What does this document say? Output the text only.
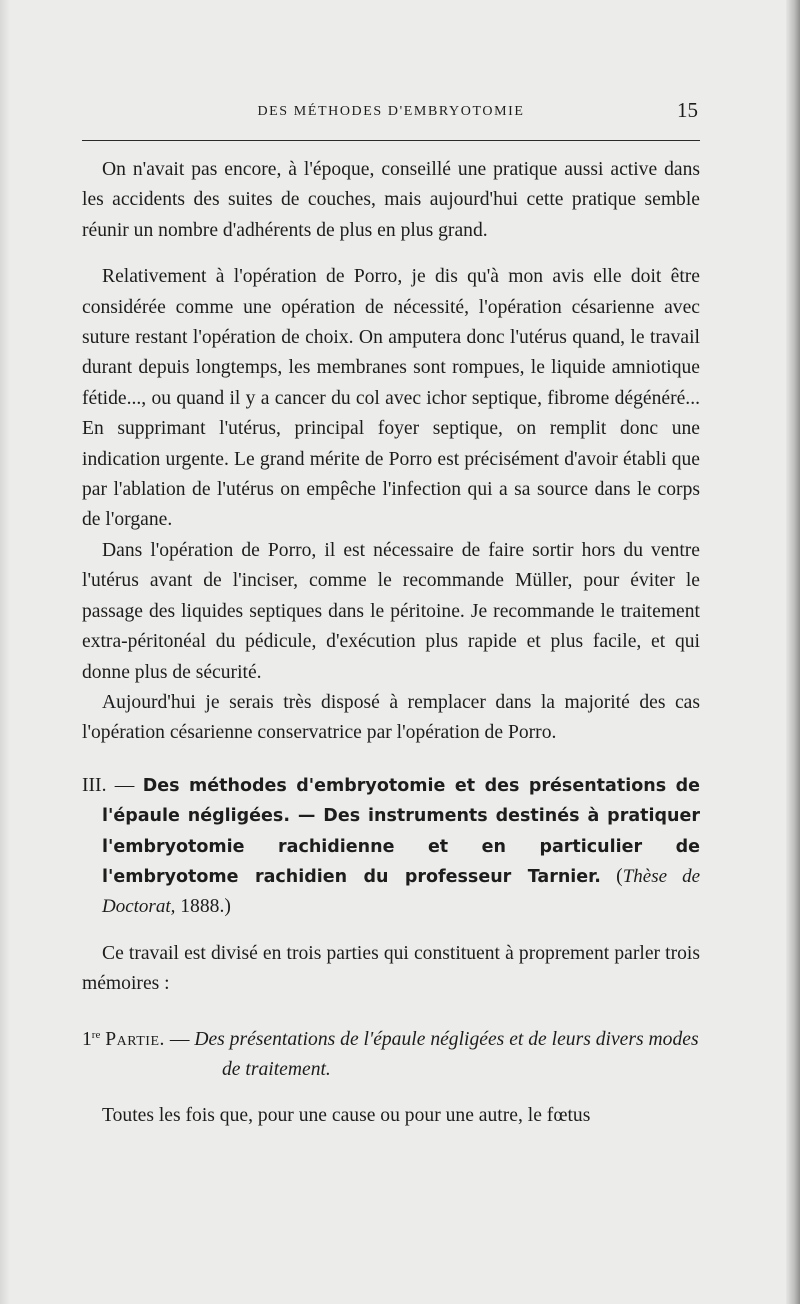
DES MÉTHODES D'EMBRYOTOMIE	15

On n'avait pas encore, à l'époque, conseillé une pratique aussi active dans les accidents des suites de couches, mais aujourd'hui cette pratique semble réunir un nombre d'adhérents de plus en plus grand.

Relativement à l'opération de Porro, je dis qu'à mon avis elle doit être considérée comme une opération de nécessité, l'opération césarienne avec suture restant l'opération de choix. On amputera donc l'utérus quand, le travail durant depuis longtemps, les membranes sont rompues, le liquide amniotique fétide..., ou quand il y a cancer du col avec ichor septique, fibrome dégénéré... En supprimant l'utérus, principal foyer septique, on remplit donc une indication urgente. Le grand mérite de Porro est précisément d'avoir établi que par l'ablation de l'utérus on empêche l'infection qui a sa source dans le corps de l'organe.

Dans l'opération de Porro, il est nécessaire de faire sortir hors du ventre l'utérus avant de l'inciser, comme le recommande Müller, pour éviter le passage des liquides septiques dans le péritoine. Je recommande le traitement extra-péritonéal du pédicule, d'exécution plus rapide et plus facile, et qui donne plus de sécurité.

Aujourd'hui je serais très disposé à remplacer dans la majorité des cas l'opération césarienne conservatrice par l'opération de Porro.

III. — Des méthodes d'embryotomie et des présentations de l'épaule négligées. — Des instruments destinés à pratiquer l'embryotomie rachidienne et en particulier de l'embryotome rachidien du professeur Tarnier. (Thèse de Doctorat, 1888.)

Ce travail est divisé en trois parties qui constituent à proprement parler trois mémoires :

1re Partie. — Des présentations de l'épaule négligées et de leurs divers modes de traitement.

Toutes les fois que, pour une cause ou pour une autre, le fœtus
